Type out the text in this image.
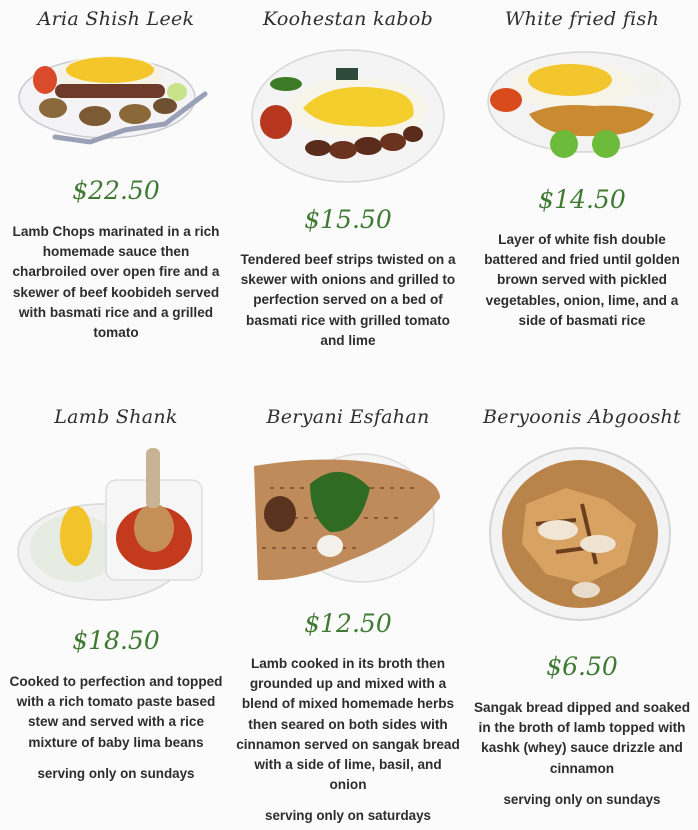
Aria Shish Leek
$22.50
Lamb Chops marinated in a rich homemade sauce then charbroiled over open fire and a skewer of beef koobideh served with basmati rice and a grilled tomato
Koohestan kabob
$15.50
Tendered beef strips twisted on a skewer with onions and grilled to perfection served on a bed of basmati rice with grilled tomato and lime
White fried fish
$14.50
Layer of white fish double battered and fried until golden brown served with pickled vegetables, onion, lime, and a side of basmati rice
Lamb Shank
$18.50
Cooked to perfection and topped with a rich tomato paste based stew and served with a rice mixture of baby lima beans
serving only on sundays
Beryani Esfahan
$12.50
Lamb cooked in its broth then grounded up and mixed with a blend of mixed homemade herbs then seared on both sides with cinnamon served on sangak bread with a side of lime, basil, and onion
serving only on saturdays
Beryoonis Abgoosht
$6.50
Sangak bread dipped and soaked in the broth of lamb topped with kashk (whey) sauce drizzle and cinnamon
serving only on sundays
